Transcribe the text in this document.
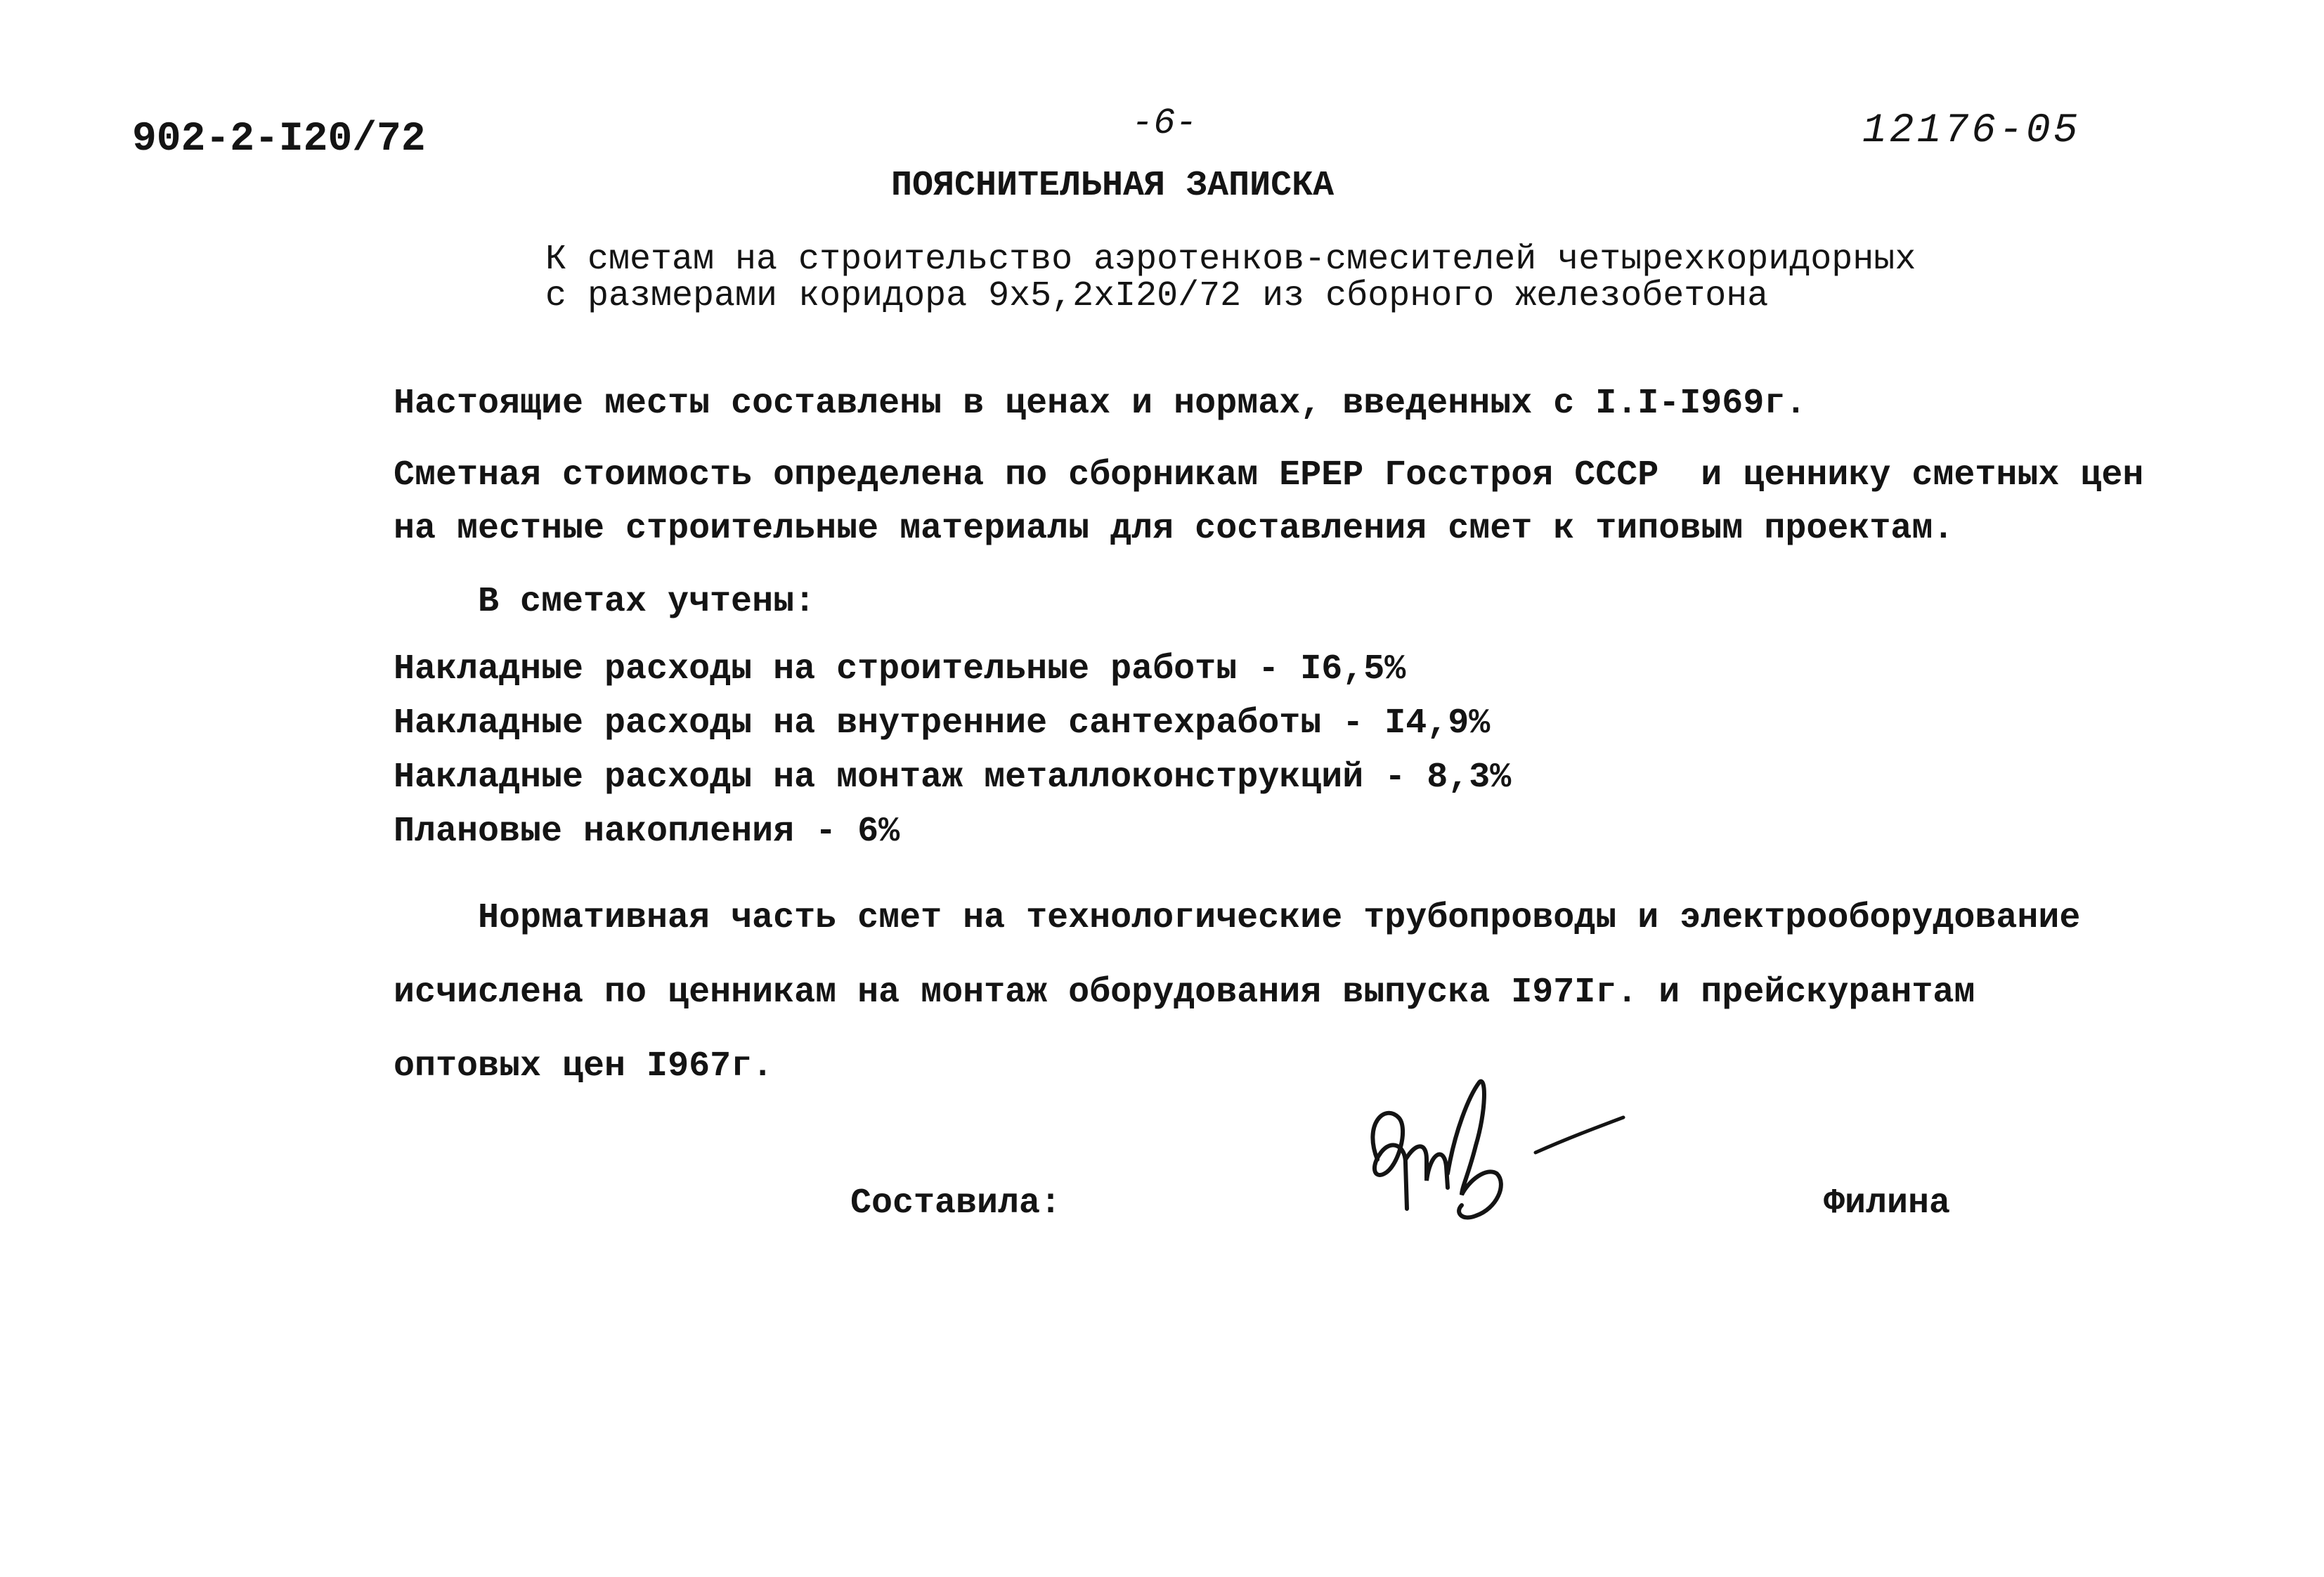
902-2-I20/72	-6-	12176-05
ПОЯСНИТЕЛЬНАЯ ЗАПИСКА
К сметам на строительство аэротенков-смесителей четырехкоридорных
с размерами коридора 9х5,2хI20/72 из сборного железобетона
Настоящие месты составлены в ценах и нормах, введенных с I.I-I969г.
Сметная стоимость определена по сборникам ЕРЕР Госстроя СССР  и ценнику сметных цен
на местные строительные материалы для составления смет к типовым проектам.
В сметах учтены:
Накладные расходы на строительные работы - I6,5%
Накладные расходы на внутренние сантехработы - I4,9%
Накладные расходы на монтаж металлоконструкций - 8,3%
Плановые накопления - 6%
Нормативная часть смет на технологические трубопроводы и электрооборудование
исчислена по ценникам на монтаж оборудования выпуска I97Iг. и прейскурантам
оптовых цен I967г.
Составила:	Филина
